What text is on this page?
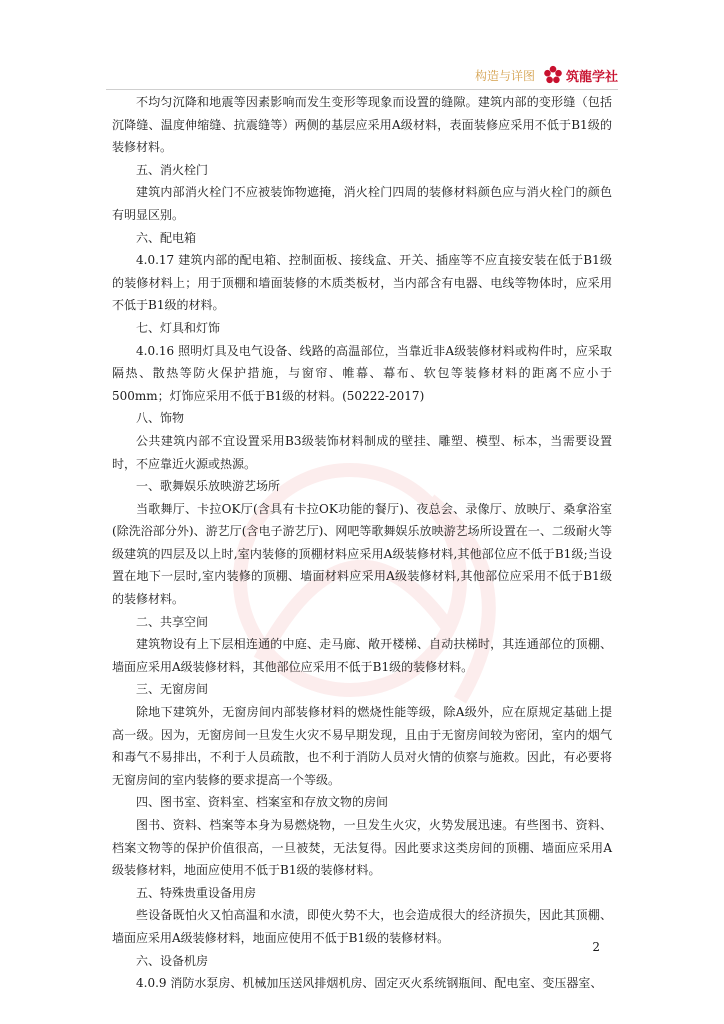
构造与详图 筑龍学社

不均匀沉降和地震等因素影响而发生变形等现象而设置的缝隙。建筑内部的变形缝（包括沉降缝、温度伸缩缝、抗震缝等）两侧的基层应采用A级材料，表面装修应采用不低于B1级的装修材料。

五、消火栓门

建筑内部消火栓门不应被装饰物遮掩，消火栓门四周的装修材料颜色应与消火栓门的颜色有明显区别。

六、配电箱

4.0.17 建筑内部的配电箱、控制面板、接线盒、开关、插座等不应直接安装在低于B1级的装修材料上；用于顶棚和墙面装修的木质类板材，当内部含有电器、电线等物体时，应采用不低于B1级的材料。

七、灯具和灯饰

4.0.16 照明灯具及电气设备、线路的高温部位，当靠近非A级装修材料或构件时，应采取隔热、散热等防火保护措施，与窗帘、帷幕、幕布、软包等装修材料的距离不应小于500mm；灯饰应采用不低于B1级的材料。(50222-2017)

八、饰物

公共建筑内部不宜设置采用B3级装饰材料制成的壁挂、雕塑、模型、标本，当需要设置时，不应靠近火源或热源。

一、歌舞娱乐放映游艺场所

当歌舞厅、卡拉OK厅(含具有卡拉OK功能的餐厅)、夜总会、录像厅、放映厅、桑拿浴室(除洗浴部分外)、游艺厅(含电子游艺厅)、网吧等歌舞娱乐放映游艺场所设置在一、二级耐火等级建筑的四层及以上时,室内装修的顶棚材料应采用A级装修材料,其他部位应不低于B1级;当设置在地下一层时,室内装修的顶棚、墙面材料应采用A级装修材料,其他部位应采用不低于B1级的装修材料。

二、共享空间

建筑物设有上下层相连通的中庭、走马廊、敞开楼梯、自动扶梯时，其连通部位的顶棚、墙面应采用A级装修材料，其他部位应采用不低于B1级的装修材料。

三、无窗房间

除地下建筑外，无窗房间内部装修材料的燃烧性能等级，除A级外，应在原规定基础上提高一级。因为，无窗房间一旦发生火灾不易早期发现，且由于无窗房间较为密闭，室内的烟气和毒气不易排出，不利于人员疏散，也不利于消防人员对火情的侦察与施救。因此，有必要将无窗房间的室内装修的要求提高一个等级。

四、图书室、资料室、档案室和存放文物的房间

图书、资料、档案等本身为易燃烧物，一旦发生火灾，火势发展迅速。有些图书、资料、档案文物等的保护价值很高，一旦被焚，无法复得。因此要求这类房间的顶棚、墙面应采用A级装修材料，地面应使用不低于B1级的装修材料。

五、特殊贵重设备用房

些设备既怕火又怕高温和水渍，即使火势不大，也会造成很大的经济损失，因此其顶棚、墙面应采用A级装修材料，地面应使用不低于B1级的装修材料。

六、设备机房

4.0.9 消防水泵房、机械加压送风排烟机房、固定灭火系统钢瓶间、配电室、变压器室、

2
